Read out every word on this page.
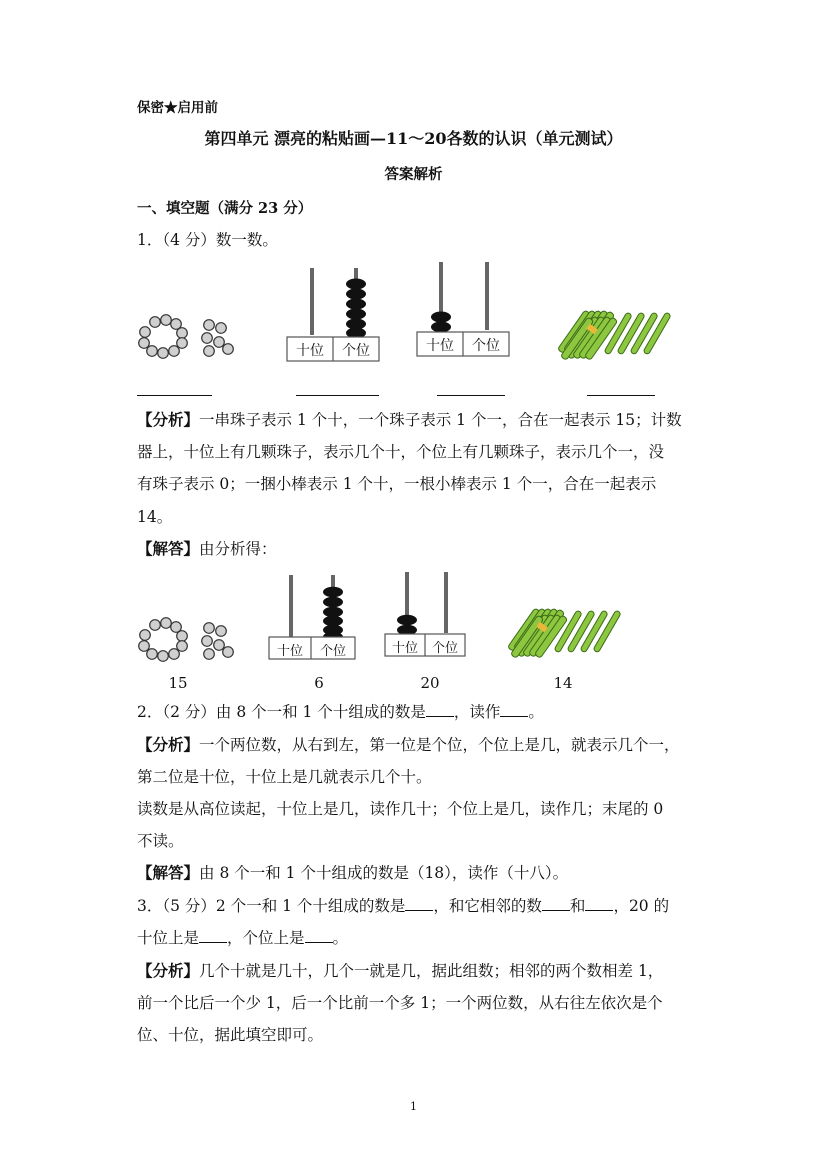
保密★启用前
第四单元 漂亮的粘贴画—11～20各数的认识（单元测试）
答案解析
一、填空题（满分 23 分）
1．（4 分）数一数。
十位	个位	十位	个位
十位	个位	十位	个位
【分析】一串珠子表示 1 个十，一个珠子表示 1 个一，合在一起表示 15；计数
器上，十位上有几颗珠子，表示几个十，个位上有几颗珠子，表示几个一，没
有珠子表示 0；一捆小棒表示 1 个十，一根小棒表示 1 个一，合在一起表示
14。
【解答】由分析得：
15	6	20	14
2．（2 分）由 8 个一和 1 个十组成的数是 ，读作 。
【分析】一个两位数，从右到左，第一位是个位，个位上是几，就表示几个一，
第二位是十位，十位上是几就表示几个十。
读数是从高位读起，十位上是几，读作几十；个位上是几，读作几；末尾的 0
不读。
【解答】由 8 个一和 1 个十组成的数是（18），读作（十八）。
3．（5 分）2 个一和 1 个十组成的数是 ，和它相邻的数 和 ，20 的
十位上是 ，个位上是 。
【分析】几个十就是几十，几个一就是几，据此组数；相邻的两个数相差 1，
前一个比后一个少 1，后一个比前一个多 1；一个两位数，从右往左依次是个
位、十位，据此填空即可。
1
